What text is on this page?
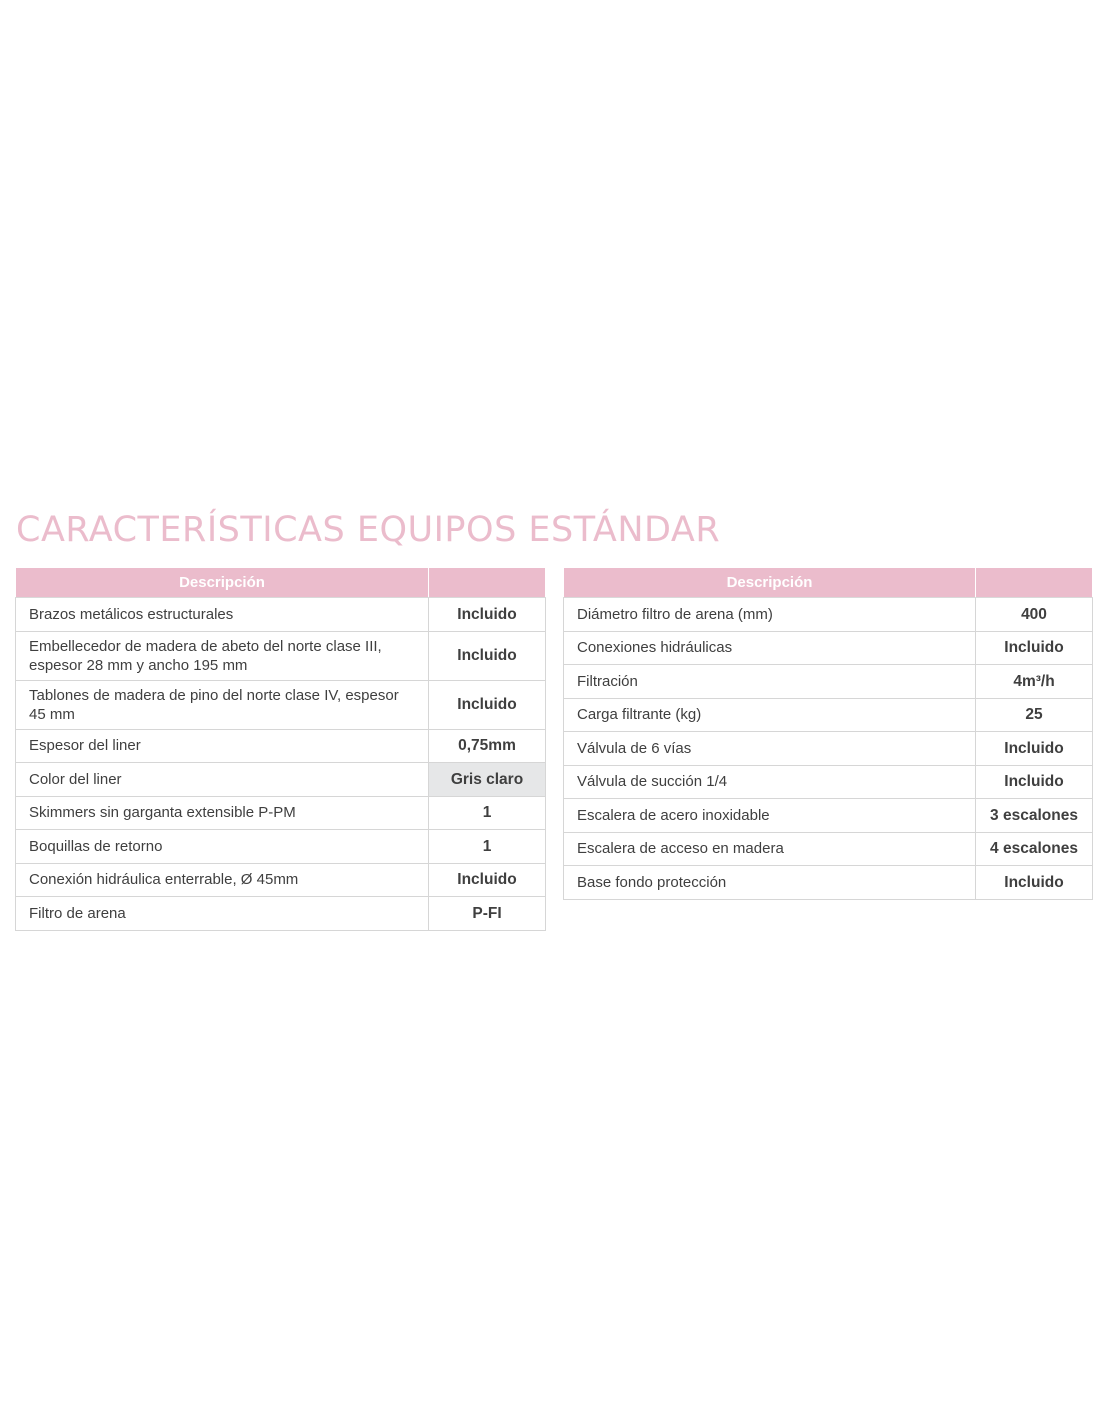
CARACTERÍSTICAS EQUIPOS ESTÁNDAR
Descripción	
Brazos metálicos estructurales	Incluido
Embellecedor de madera de abeto del norte clase III, espesor 28 mm y ancho 195 mm	Incluido
Tablones de madera de pino del norte clase IV, espesor 45 mm	Incluido
Espesor del liner	0,75mm
Color del liner	Gris claro
Skimmers sin garganta extensible P-PM	1
Boquillas de retorno	1
Conexión hidráulica enterrable, Ø 45mm	Incluido
Filtro de arena	P-FI
Descripción	
Diámetro filtro de arena (mm)	400
Conexiones hidráulicas	Incluido
Filtración	4m³/h
Carga filtrante (kg)	25
Válvula de 6 vías	Incluido
Válvula de succión 1/4	Incluido
Escalera de acero inoxidable	3 escalones
Escalera de acceso en madera	4 escalones
Base fondo protección	Incluido
